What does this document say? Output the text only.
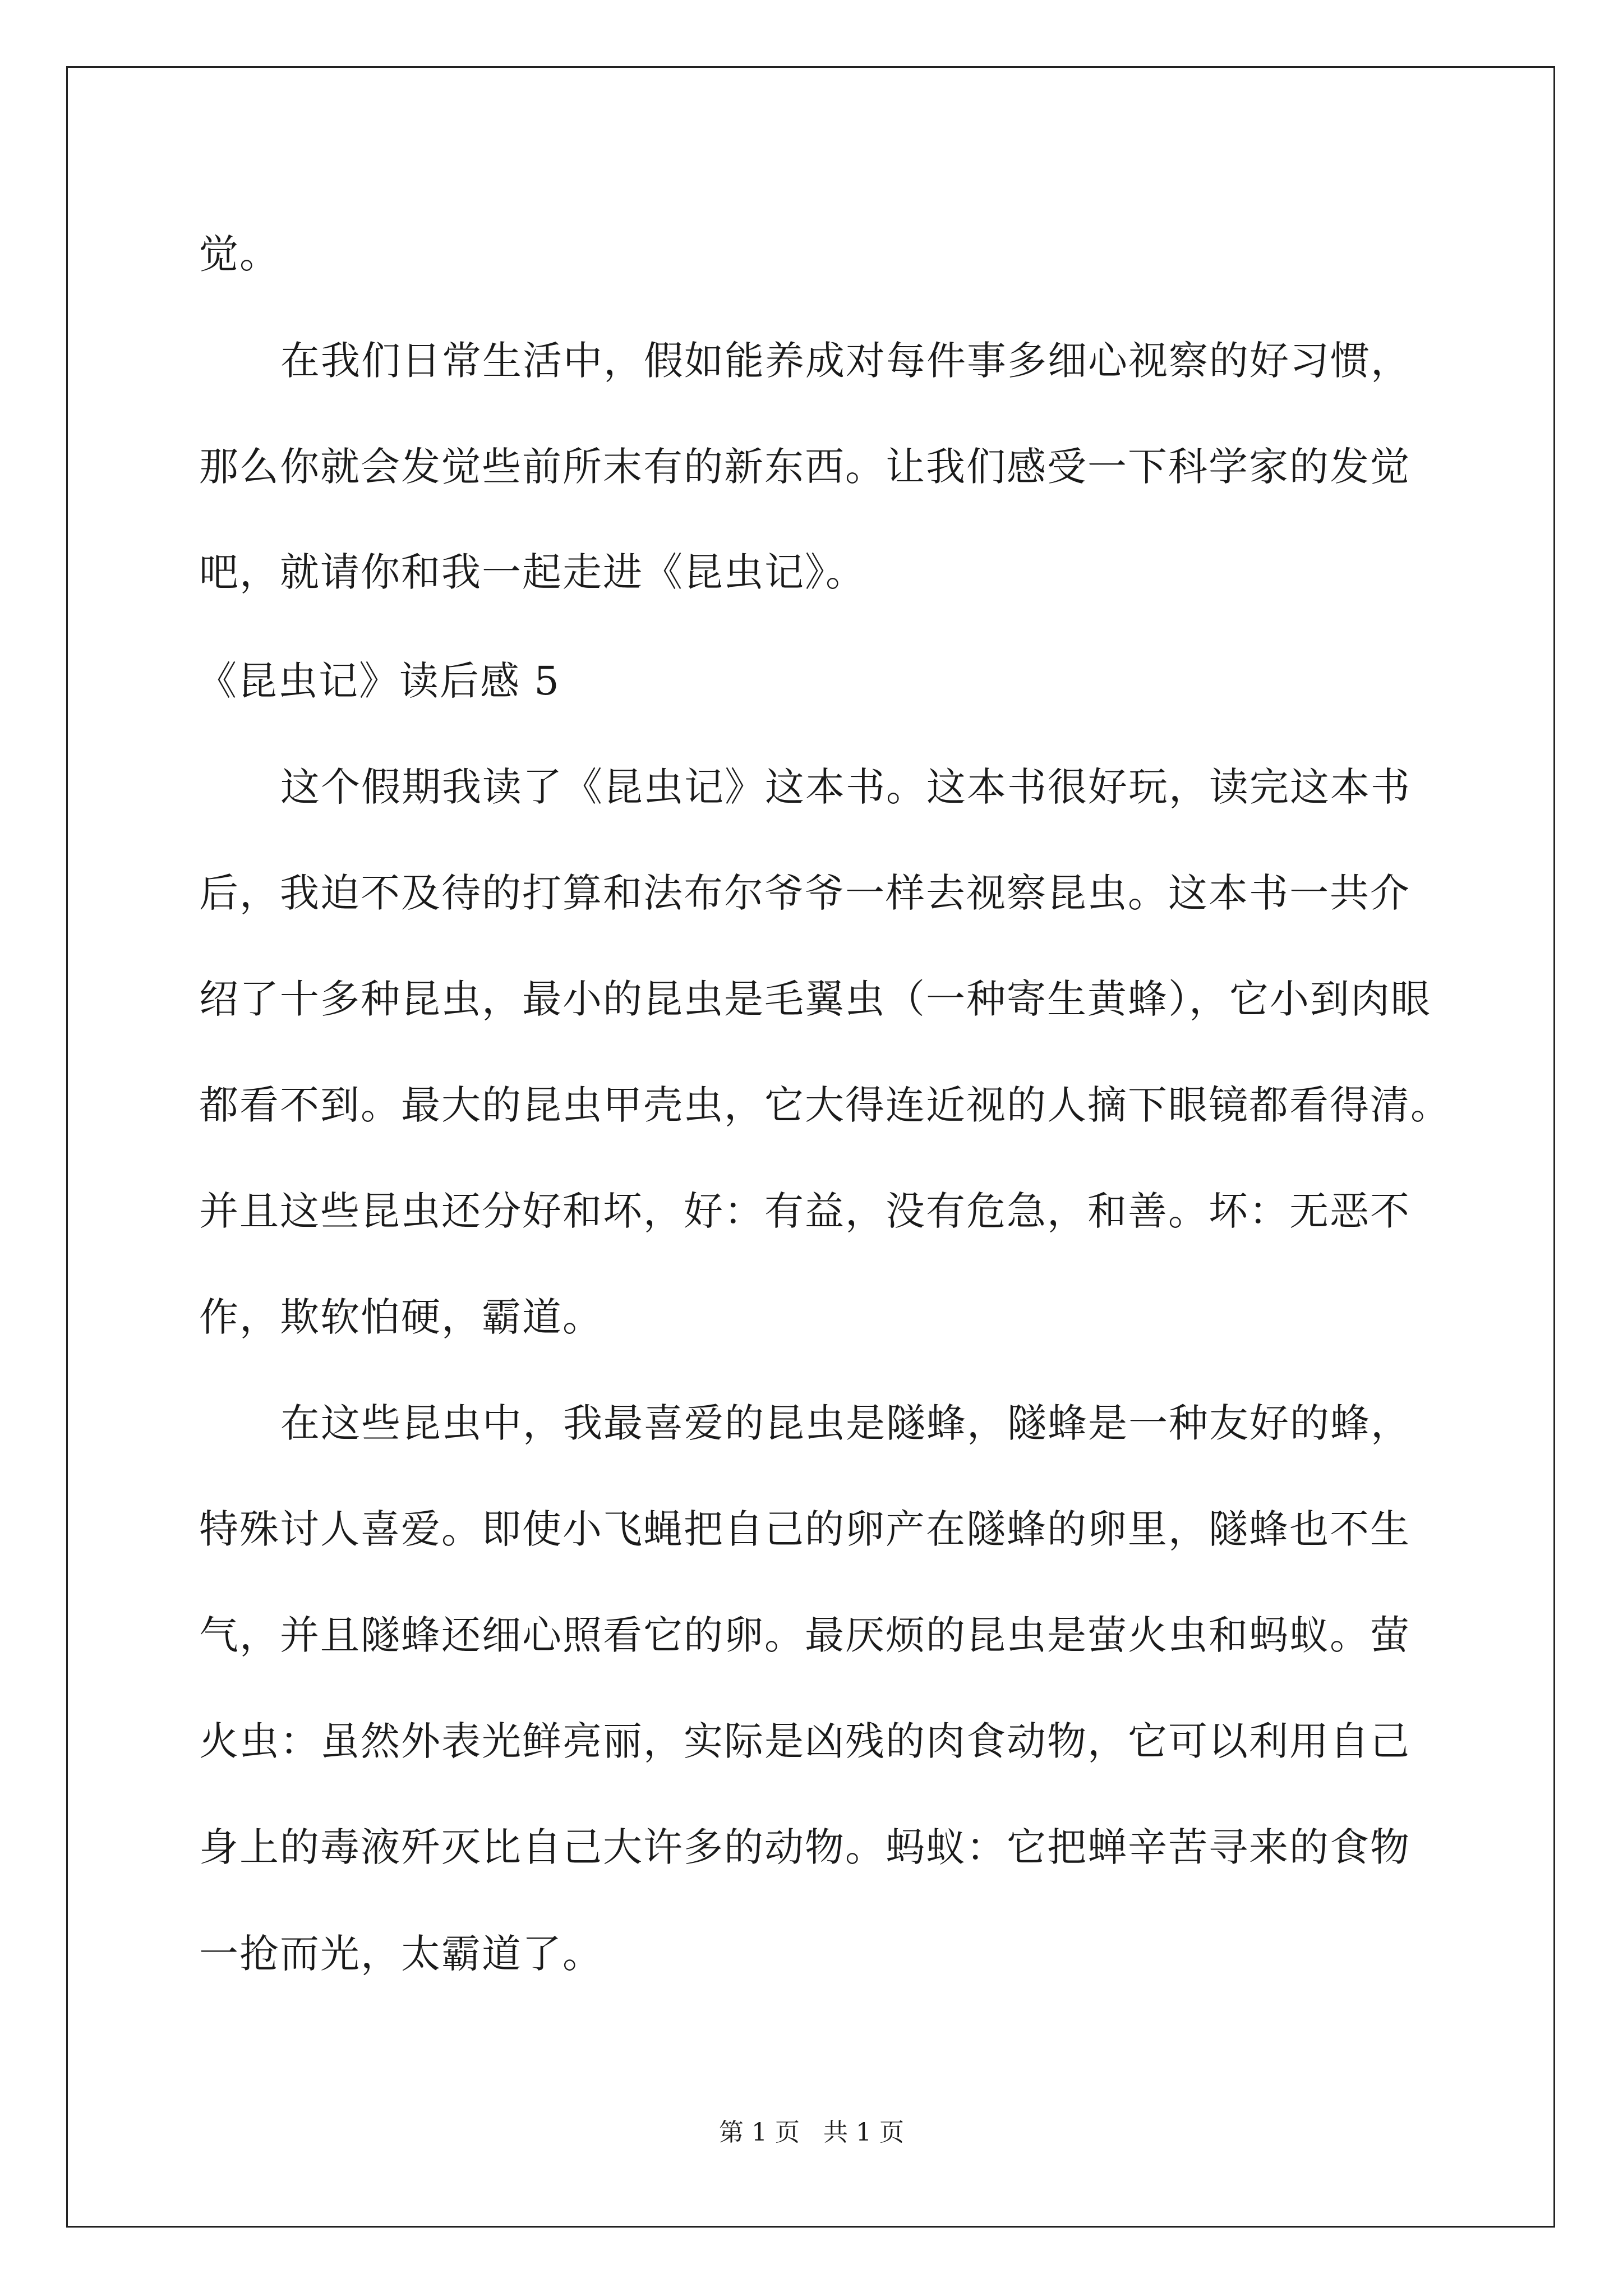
觉。
在我们日常生活中，假如能养成对每件事多细心视察的好习惯，
那么你就会发觉些前所末有的新东西。让我们感受一下科学家的发觉
吧，就请你和我一起走进《昆虫记》。
《昆虫记》读后感 5
这个假期我读了《昆虫记》这本书。这本书很好玩，读完这本书
后，我迫不及待的打算和法布尔爷爷一样去视察昆虫。这本书一共介
绍了十多种昆虫，最小的昆虫是毛翼虫（一种寄生黄蜂），它小到肉眼
都看不到。最大的昆虫甲壳虫，它大得连近视的人摘下眼镜都看得清。
并且这些昆虫还分好和坏，好：有益，没有危急，和善。坏：无恶不
作，欺软怕硬，霸道。
在这些昆虫中，我最喜爱的昆虫是隧蜂，隧蜂是一种友好的蜂，
特殊讨人喜爱。即使小飞蝇把自己的卵产在隧蜂的卵里，隧蜂也不生
气，并且隧蜂还细心照看它的卵。最厌烦的昆虫是萤火虫和蚂蚁。萤
火虫：虽然外表光鲜亮丽，实际是凶残的肉食动物，它可以利用自己
身上的毒液歼灭比自己大许多的动物。蚂蚁：它把蝉辛苦寻来的食物
一抢而光，太霸道了。
第 1 页   共 1 页
